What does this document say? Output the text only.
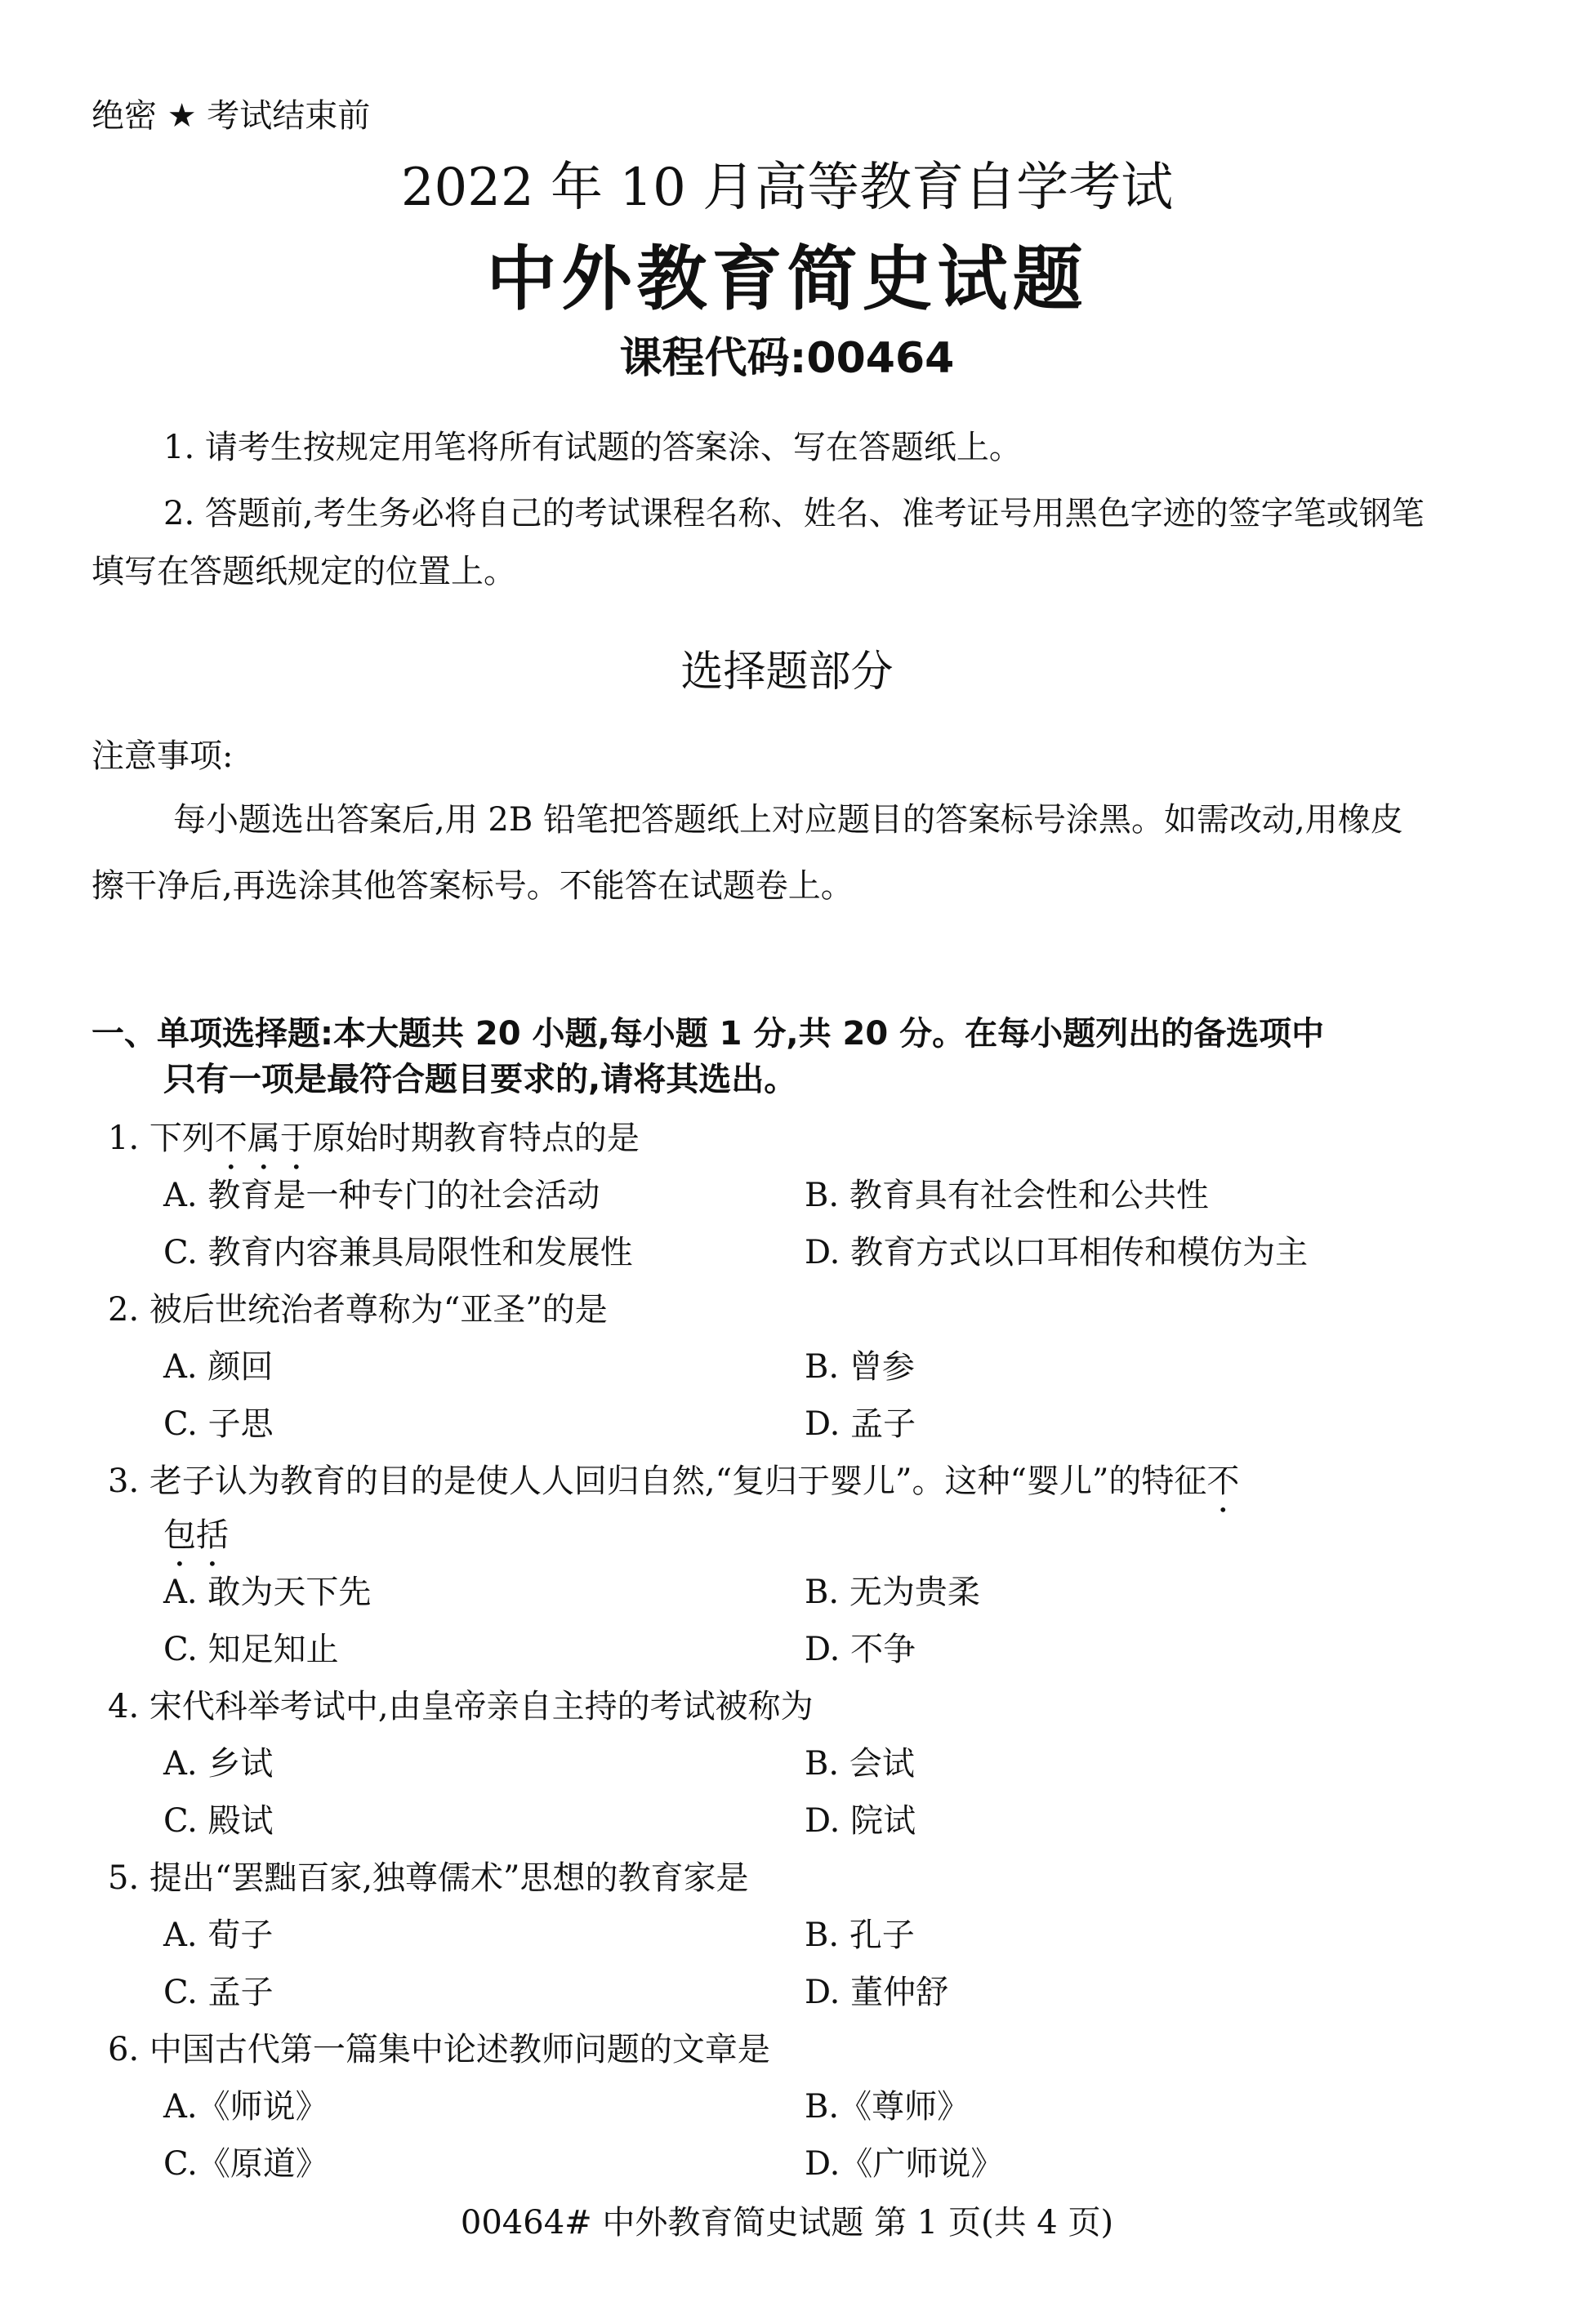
绝密 ★ 考试结束前
2022 年 10 月高等教育自学考试
中外教育简史试题
课程代码:00464
1. 请考生按规定用笔将所有试题的答案涂、写在答题纸上。
2. 答题前,考生务必将自己的考试课程名称、姓名、准考证号用黑色字迹的签字笔或钢笔
填写在答题纸规定的位置上。
选择题部分
注意事项:
每小题选出答案后,用 2B 铅笔把答题纸上对应题目的答案标号涂黑。如需改动,用橡皮
擦干净后,再选涂其他答案标号。不能答在试题卷上。
一、单项选择题:本大题共 20 小题,每小题 1 分,共 20 分。在每小题列出的备选项中
只有一项是最符合题目要求的,请将其选出。
1. 下列不属于原始时期教育特点的是
A. 教育是一种专门的社会活动	B. 教育具有社会性和公共性
C. 教育内容兼具局限性和发展性	D. 教育方式以口耳相传和模仿为主
2. 被后世统治者尊称为“亚圣”的是
A. 颜回	B. 曾参
C. 子思	D. 孟子
3. 老子认为教育的目的是使人人回归自然,“复归于婴儿”。这种“婴儿”的特征不
包括
A. 敢为天下先	B. 无为贵柔
C. 知足知止	D. 不争
4. 宋代科举考试中,由皇帝亲自主持的考试被称为
A. 乡试	B. 会试
C. 殿试	D. 院试
5. 提出“罢黜百家,独尊儒术”思想的教育家是
A. 荀子	B. 孔子
C. 孟子	D. 董仲舒
6. 中国古代第一篇集中论述教师问题的文章是
A.《师说》	B.《尊师》
C.《原道》	D.《广师说》
00464# 中外教育简史试题 第 1 页(共 4 页)
